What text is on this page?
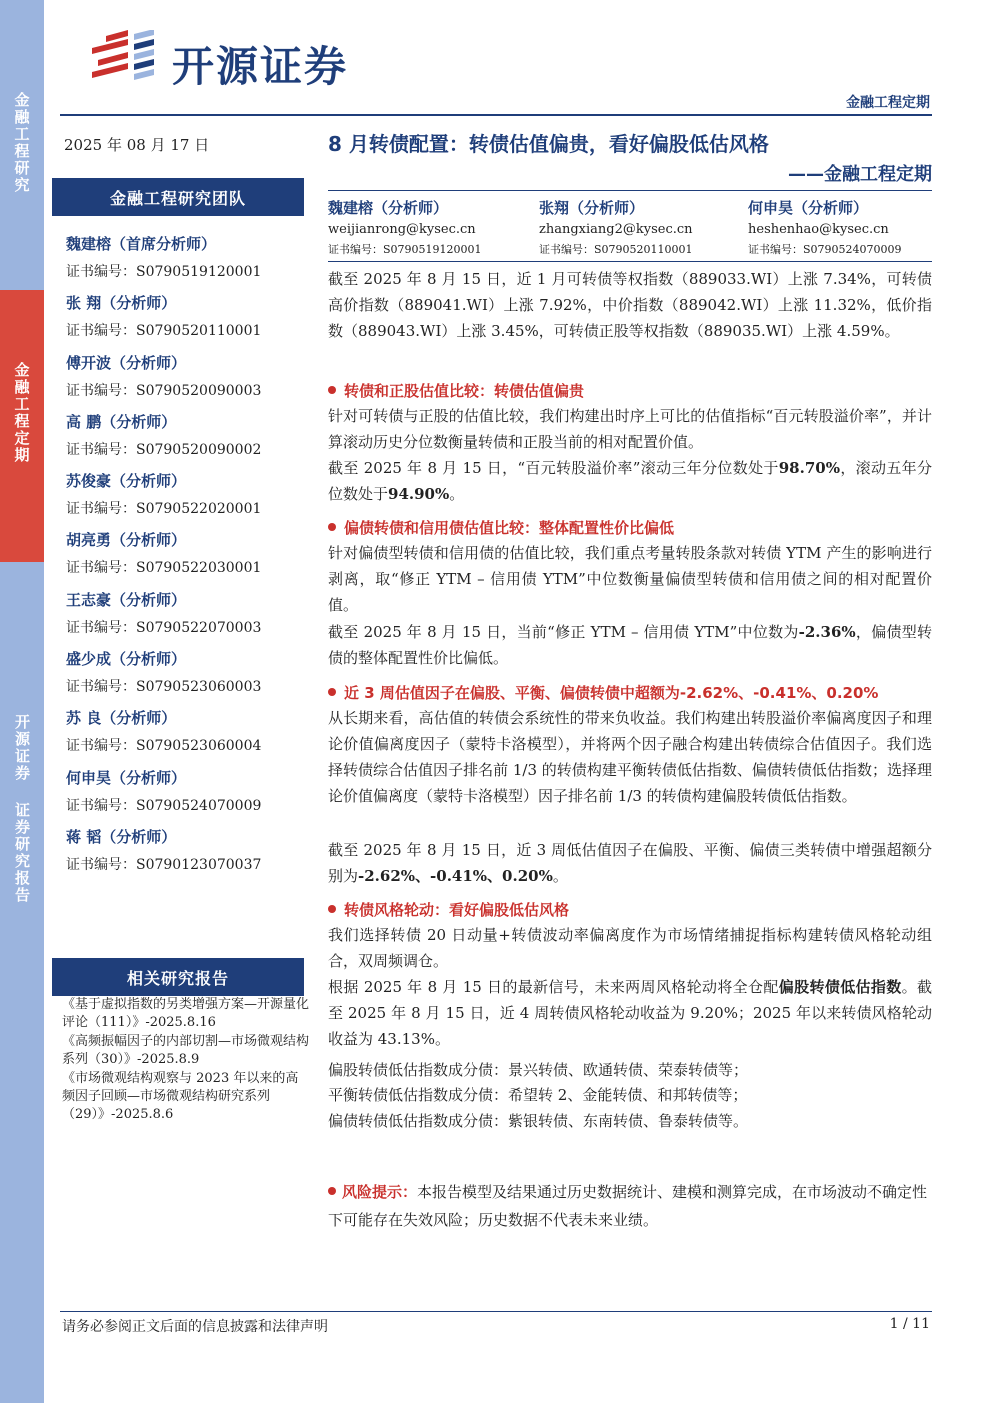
金融工程研究
金融工程定期
开源证券 证券研究报告
开源证券
金融工程定期
2025 年 08 月 17 日
金融工程研究团队
魏建榕（首席分析师）
证书编号：S0790519120001
张 翔（分析师）
证书编号：S0790520110001
傅开波（分析师）
证书编号：S0790520090003
高 鹏（分析师）
证书编号：S0790520090002
苏俊豪（分析师）
证书编号：S0790522020001
胡亮勇（分析师）
证书编号：S0790522030001
王志豪（分析师）
证书编号：S0790522070003
盛少成（分析师）
证书编号：S0790523060003
苏 良（分析师）
证书编号：S0790523060004
何申昊（分析师）
证书编号：S0790524070009
蒋 韬（分析师）
证书编号：S0790123070037
相关研究报告
《基于虚拟指数的另类增强方案—开源量化评论（111）》-2025.8.16
《高频振幅因子的内部切割—市场微观结构系列（30）》-2025.8.9
《市场微观结构观察与 2023 年以来的高频因子回顾—市场微观结构研究系列（29）》-2025.8.6
8 月转债配置：转债估值偏贵，看好偏股低估风格
——金融工程定期
魏建榕（分析师）
weijianrong@kysec.cn
证书编号：S0790519120001
张翔（分析师）
zhangxiang2@kysec.cn
证书编号：S0790520110001
何申昊（分析师）
heshenhao@kysec.cn
证书编号：S0790524070009

截至 2025 年 8 月 15 日，近 1 月可转债等权指数（889033.WI）上涨 7.34%，可转债高价指数（889041.WI）上涨 7.92%，中价指数（889042.WI）上涨 11.32%，低价指数（889043.WI）上涨 3.45%，可转债正股等权指数（889035.WI）上涨 4.59%。

转债和正股估值比较：转债估值偏贵

针对可转债与正股的估值比较，我们构建出时序上可比的估值指标“百元转股溢价率”，并计算滚动历史分位数衡量转债和正股当前的相对配置价值。

截至 2025 年 8 月 15 日，“百元转股溢价率”滚动三年分位数处于98.70%，滚动五年分位数处于94.90%。

偏债转债和信用债估值比较：整体配置性价比偏低

针对偏债型转债和信用债的估值比较，我们重点考量转股条款对转债 YTM 产生的影响进行剥离，取“修正 YTM – 信用债 YTM”中位数衡量偏债型转债和信用债之间的相对配置价值。

截至 2025 年 8 月 15 日，当前“修正 YTM – 信用债 YTM”中位数为-2.36%，偏债型转债的整体配置性价比偏低。

近 3 周估值因子在偏股、平衡、偏债转债中超额为-2.62%、-0.41%、0.20%

从长期来看，高估值的转债会系统性的带来负收益。我们构建出转股溢价率偏离度因子和理论价值偏离度因子（蒙特卡洛模型），并将两个因子融合构建出转债综合估值因子。我们选择转债综合估值因子排名前 1/3 的转债构建平衡转债低估指数、偏债转债低估指数；选择理论价值偏离度（蒙特卡洛模型）因子排名前 1/3 的转债构建偏股转债低估指数。

截至 2025 年 8 月 15 日，近 3 周低估值因子在偏股、平衡、偏债三类转债中增强超额分别为-2.62%、-0.41%、0.20%。

转债风格轮动：看好偏股低估风格

我们选择转债 20 日动量+转债波动率偏离度作为市场情绪捕捉指标构建转债风格轮动组合，双周频调仓。

根据 2025 年 8 月 15 日的最新信号，未来两周风格轮动将全仓配偏股转债低估指数。截至 2025 年 8 月 15 日，近 4 周转债风格轮动收益为 9.20%；2025 年以来转债风格轮动收益为 43.13%。

偏股转债低估指数成分债：景兴转债、欧通转债、荣泰转债等；

平衡转债低估指数成分债：希望转 2、金能转债、和邦转债等；

偏债转债低估指数成分债：紫银转债、东南转债、鲁泰转债等。

风险提示：本报告模型及结果通过历史数据统计、建模和测算完成，在市场波动不确定性下可能存在失效风险；历史数据不代表未来业绩。
请务必参阅正文后面的信息披露和法律声明	1 / 11
